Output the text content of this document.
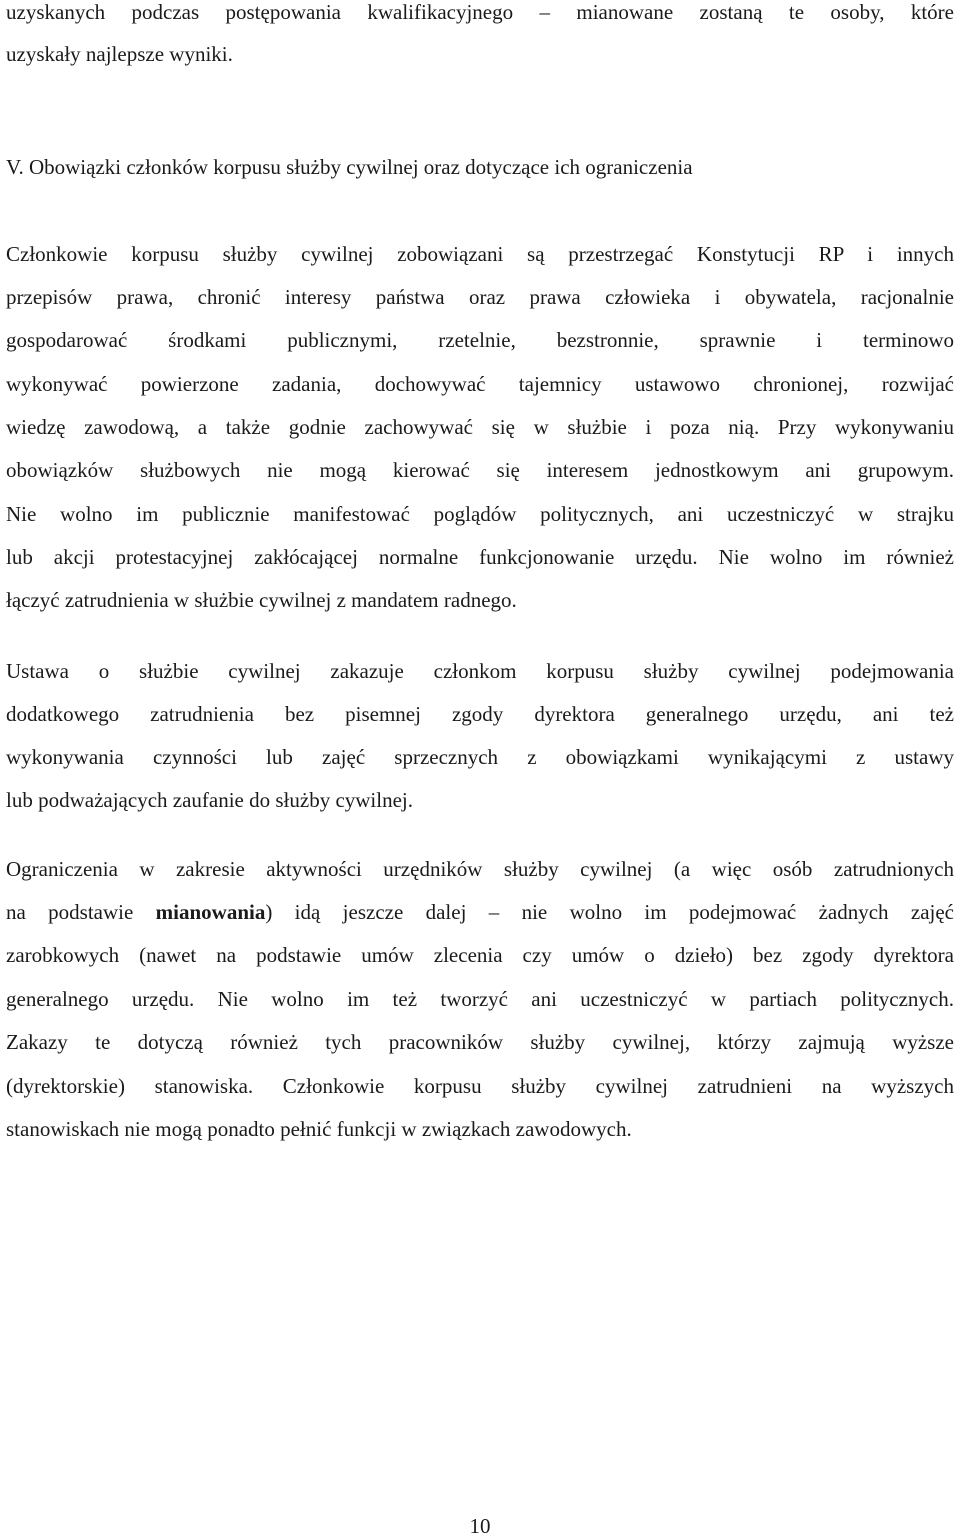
uzyskanych podczas postępowania kwalifikacyjnego – mianowane zostaną te osoby, które
uzyskały najlepsze wyniki.
V. Obowiązki członków korpusu służby cywilnej oraz dotyczące ich ograniczenia
Członkowie korpusu służby cywilnej zobowiązani są przestrzegać Konstytucji RP i innych
przepisów prawa, chronić interesy państwa oraz prawa człowieka i obywatela, racjonalnie
gospodarować środkami publicznymi, rzetelnie, bezstronnie, sprawnie i terminowo
wykonywać powierzone zadania, dochowywać tajemnicy ustawowo chronionej, rozwijać
wiedzę zawodową, a także godnie zachowywać się w służbie i poza nią. Przy wykonywaniu
obowiązków służbowych nie mogą kierować się interesem jednostkowym ani grupowym.
Nie wolno im publicznie manifestować poglądów politycznych, ani uczestniczyć w strajku
lub akcji protestacyjnej zakłócającej normalne funkcjonowanie urzędu. Nie wolno im również
łączyć zatrudnienia w służbie cywilnej z mandatem radnego.
Ustawa o służbie cywilnej zakazuje członkom korpusu służby cywilnej podejmowania
dodatkowego zatrudnienia bez pisemnej zgody dyrektora generalnego urzędu, ani też
wykonywania czynności lub zajęć sprzecznych z obowiązkami wynikającymi z ustawy
lub podważających zaufanie do służby cywilnej.
Ograniczenia w zakresie aktywności urzędników służby cywilnej (a więc osób zatrudnionych
na podstawie mianowania) idą jeszcze dalej – nie wolno im podejmować żadnych zajęć
zarobkowych (nawet na podstawie umów zlecenia czy umów o dzieło) bez zgody dyrektora
generalnego urzędu. Nie wolno im też tworzyć ani uczestniczyć w partiach politycznych.
Zakazy te dotyczą również tych pracowników służby cywilnej, którzy zajmują wyższe
(dyrektorskie) stanowiska. Członkowie korpusu służby cywilnej zatrudnieni na wyższych
stanowiskach nie mogą ponadto pełnić funkcji w związkach zawodowych.
10
